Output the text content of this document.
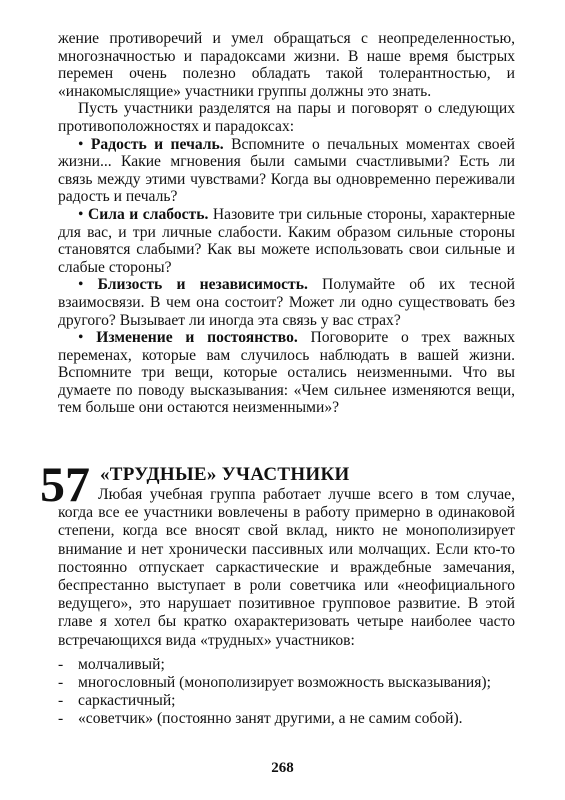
жение противоречий и умел обращаться с неопределенностью, многозначностью и парадоксами жизни. В наше время быстрых перемен очень полезно обладать такой толерантностью, и «инакомыслящие» участники группы должны это знать.

Пусть участники разделятся на пары и поговорят о следующих противоположностях и парадоксах:

• Радость и печаль. Вспомните о печальных моментах своей жизни... Какие мгновения были самыми счастливыми? Есть ли связь между этими чувствами? Когда вы одновременно переживали радость и печаль?

• Сила и слабость. Назовите три сильные стороны, характерные для вас, и три личные слабости. Каким образом сильные стороны становятся слабыми? Как вы можете использовать свои сильные и слабые стороны?

• Близость и независимость. Полумайте об их тесной взаимосвязи. В чем она состоит? Может ли одно существовать без другого? Вызывает ли иногда эта связь у вас страх?

• Изменение и постоянство. Поговорите о трех важных переменах, которые вам случилось наблюдать в вашей жизни. Вспомните три вещи, которые остались неизменными. Что вы думаете по поводу высказывания: «Чем сильнее изменяются вещи, тем больше они остаются неизменными»?

57 «ТРУДНЫЕ» УЧАСТНИКИ

Любая учебная группа работает лучше всего в том случае, когда все ее участники вовлечены в работу примерно в одинаковой степени, когда все вносят свой вклад, никто не монополизирует внимание и нет хронически пассивных или молчащих. Если кто-то постоянно отпускает саркастические и враждебные замечания, беспрестанно выступает в роли советчика или «неофициального ведущего», это нарушает позитивное групповое развитие. В этой главе я хотел бы кратко охарактеризовать четыре наиболее часто встречающихся вида «трудных» участников:

- молчаливый;
- многословный (монополизирует возможность высказывания);
- саркастичный;
- «советчик» (постоянно занят другими, а не самим собой).
268
